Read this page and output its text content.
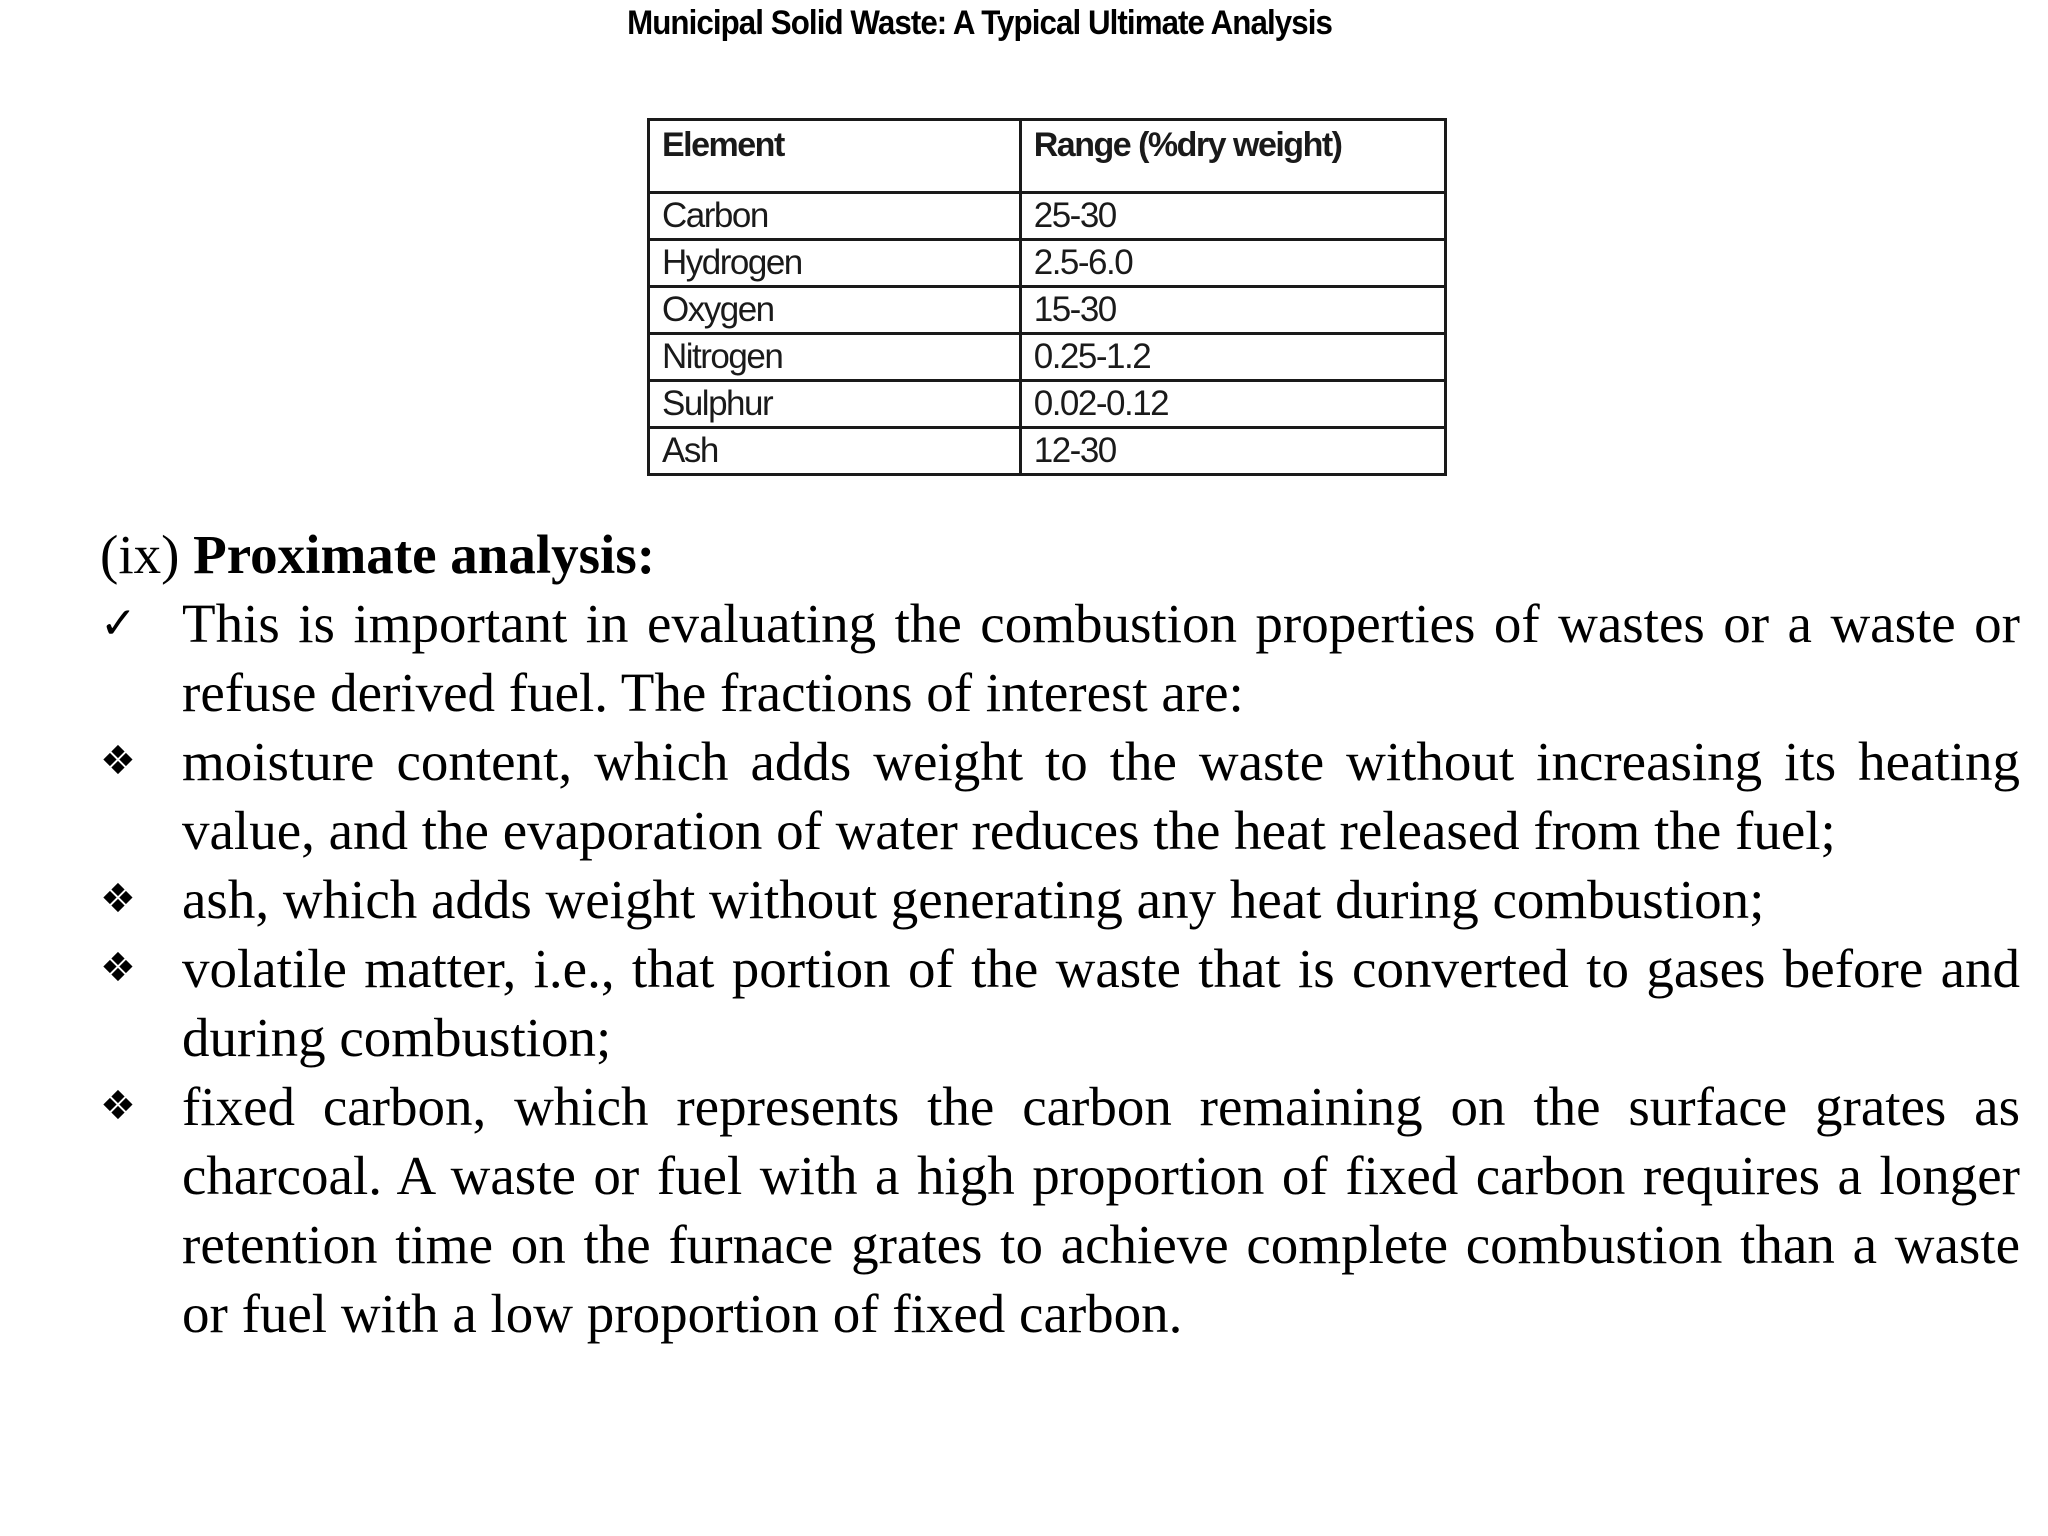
Municipal Solid Waste: A Typical Ultimate Analysis
Element	Range (%dry weight)
Carbon	25-30
Hydrogen	2.5-6.0
Oxygen	15-30
Nitrogen	0.25-1.2
Sulphur	0.02-0.12
Ash	12-30

(ix) Proximate analysis:

✓ This is important in evaluating the combustion properties of wastes or a waste or refuse derived fuel. The fractions of interest are:
❖ moisture content, which adds weight to the waste without increasing its heating value, and the evaporation of water reduces the heat released from the fuel;
❖ ash, which adds weight without generating any heat during combustion;
❖ volatile matter, i.e., that portion of the waste that is converted to gases before and during combustion;
❖ fixed carbon, which represents the carbon remaining on the surface grates as charcoal. A waste or fuel with a high proportion of fixed carbon requires a longer retention time on the furnace grates to achieve complete combustion than a waste or fuel with a low proportion of fixed carbon.
